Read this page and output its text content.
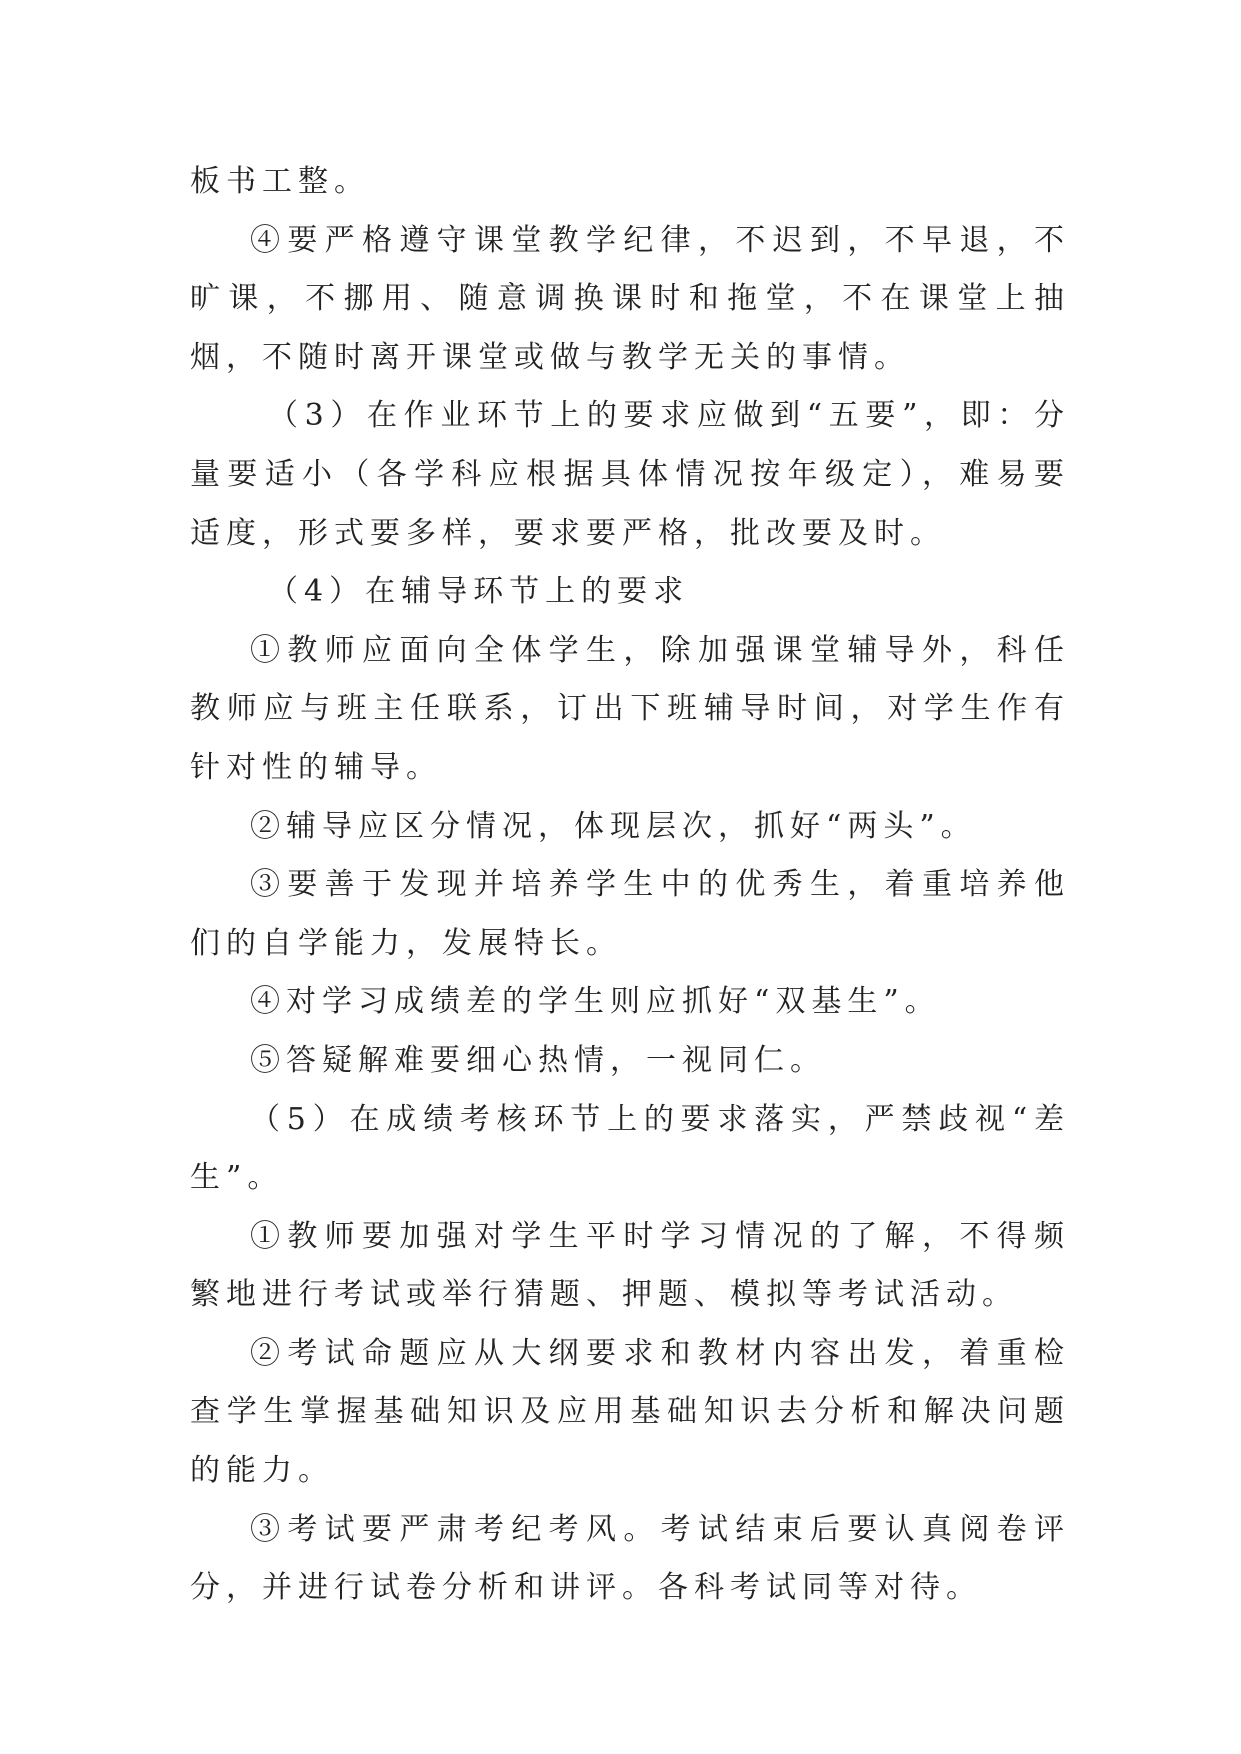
板书工整。

④要严格遵守课堂教学纪律，不迟到，不早退，不旷课，不挪用、随意调换课时和拖堂，不在课堂上抽烟，不随时离开课堂或做与教学无关的事情。

（3）在作业环节上的要求应做到“五要”，即：分量要适小（各学科应根据具体情况按年级定），难易要适度，形式要多样，要求要严格，批改要及时。

（4）在辅导环节上的要求

①教师应面向全体学生，除加强课堂辅导外，科任教师应与班主任联系，订出下班辅导时间，对学生作有针对性的辅导。

②辅导应区分情况，体现层次，抓好“两头”。

③要善于发现并培养学生中的优秀生，着重培养他们的自学能力，发展特长。

④对学习成绩差的学生则应抓好“双基生”。

⑤答疑解难要细心热情，一视同仁。

（5）在成绩考核环节上的要求落实，严禁歧视“差生”。

①教师要加强对学生平时学习情况的了解，不得频繁地进行考试或举行猜题、押题、模拟等考试活动。

②考试命题应从大纲要求和教材内容出发，着重检查学生掌握基础知识及应用基础知识去分析和解决问题的能力。

③考试要严肃考纪考风。考试结束后要认真阅卷评分，并进行试卷分析和讲评。各科考试同等对待。
